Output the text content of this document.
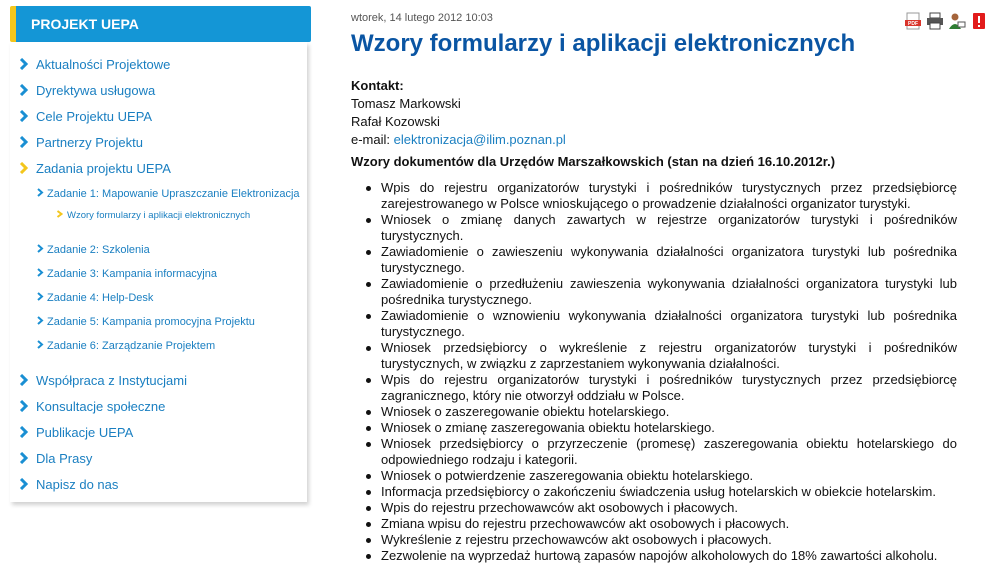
PROJEKT UEPA
Aktualności Projektowe
Dyrektywa usługowa
Cele Projektu UEPA
Partnerzy Projektu
Zadania projektu UEPA
Zadanie 1: Mapowanie Upraszczanie Elektronizacja
Wzory formularzy i aplikacji elektronicznych
Zadanie 2: Szkolenia
Zadanie 3: Kampania informacyjna
Zadanie 4: Help-Desk
Zadanie 5: Kampania promocyjna Projektu
Zadanie 6: Zarządzanie Projektem
Współpraca z Instytucjami
Konsultacje społeczne
Publikacje UEPA
Dla Prasy
Napisz do nas
wtorek, 14 lutego 2012 10:03	PDF
Wzory formularzy i aplikacji elektronicznych
Kontakt:
Tomasz Markowski
Rafał Kozowski
e-mail: elektronizacja@ilim.poznan.pl
Wzory dokumentów dla Urzędów Marszałkowskich (stan na dzień 16.10.2012r.)
Wpis do rejestru organizatorów turystyki i pośredników turystycznych przez przedsiębiorcę zarejestrowanego w Polsce wnioskującego o prowadzenie działalności organizator turystyki.
Wniosek o zmianę danych zawartych w rejestrze organizatorów turystyki i pośredników turystycznych.
Zawiadomienie o zawieszeniu wykonywania działalności organizatora turystyki lub pośrednika turystycznego.
Zawiadomienie o przedłużeniu zawieszenia wykonywania działalności organizatora turystyki lub pośrednika turystycznego.
Zawiadomienie o wznowieniu wykonywania działalności organizatora turystyki lub pośrednika turystycznego.
Wniosek przedsiębiorcy o wykreślenie z rejestru organizatorów turystyki i pośredników turystycznych, w związku z zaprzestaniem wykonywania działalności.
Wpis do rejestru organizatorów turystyki i pośredników turystycznych przez przedsiębiorcę zagranicznego, który nie otworzył oddziału w Polsce.
Wniosek o zaszeregowanie obiektu hotelarskiego.
Wniosek o zmianę zaszeregowania obiektu hotelarskiego.
Wniosek przedsiębiorcy o przyrzeczenie (promesę) zaszeregowania obiektu hotelarskiego do odpowiedniego rodzaju i kategorii.
Wniosek o potwierdzenie zaszeregowania obiektu hotelarskiego.
Informacja przedsiębiorcy o zakończeniu świadczenia usług hotelarskich w obiekcie hotelarskim.
Wpis do rejestru przechowawców akt osobowych i płacowych.
Zmiana wpisu do rejestru przechowawców akt osobowych i płacowych.
Wykreślenie z rejestru przechowawców akt osobowych i płacowych.
Zezwolenie na wyprzedaż hurtową zapasów napojów alkoholowych do 18% zawartości alkoholu.
